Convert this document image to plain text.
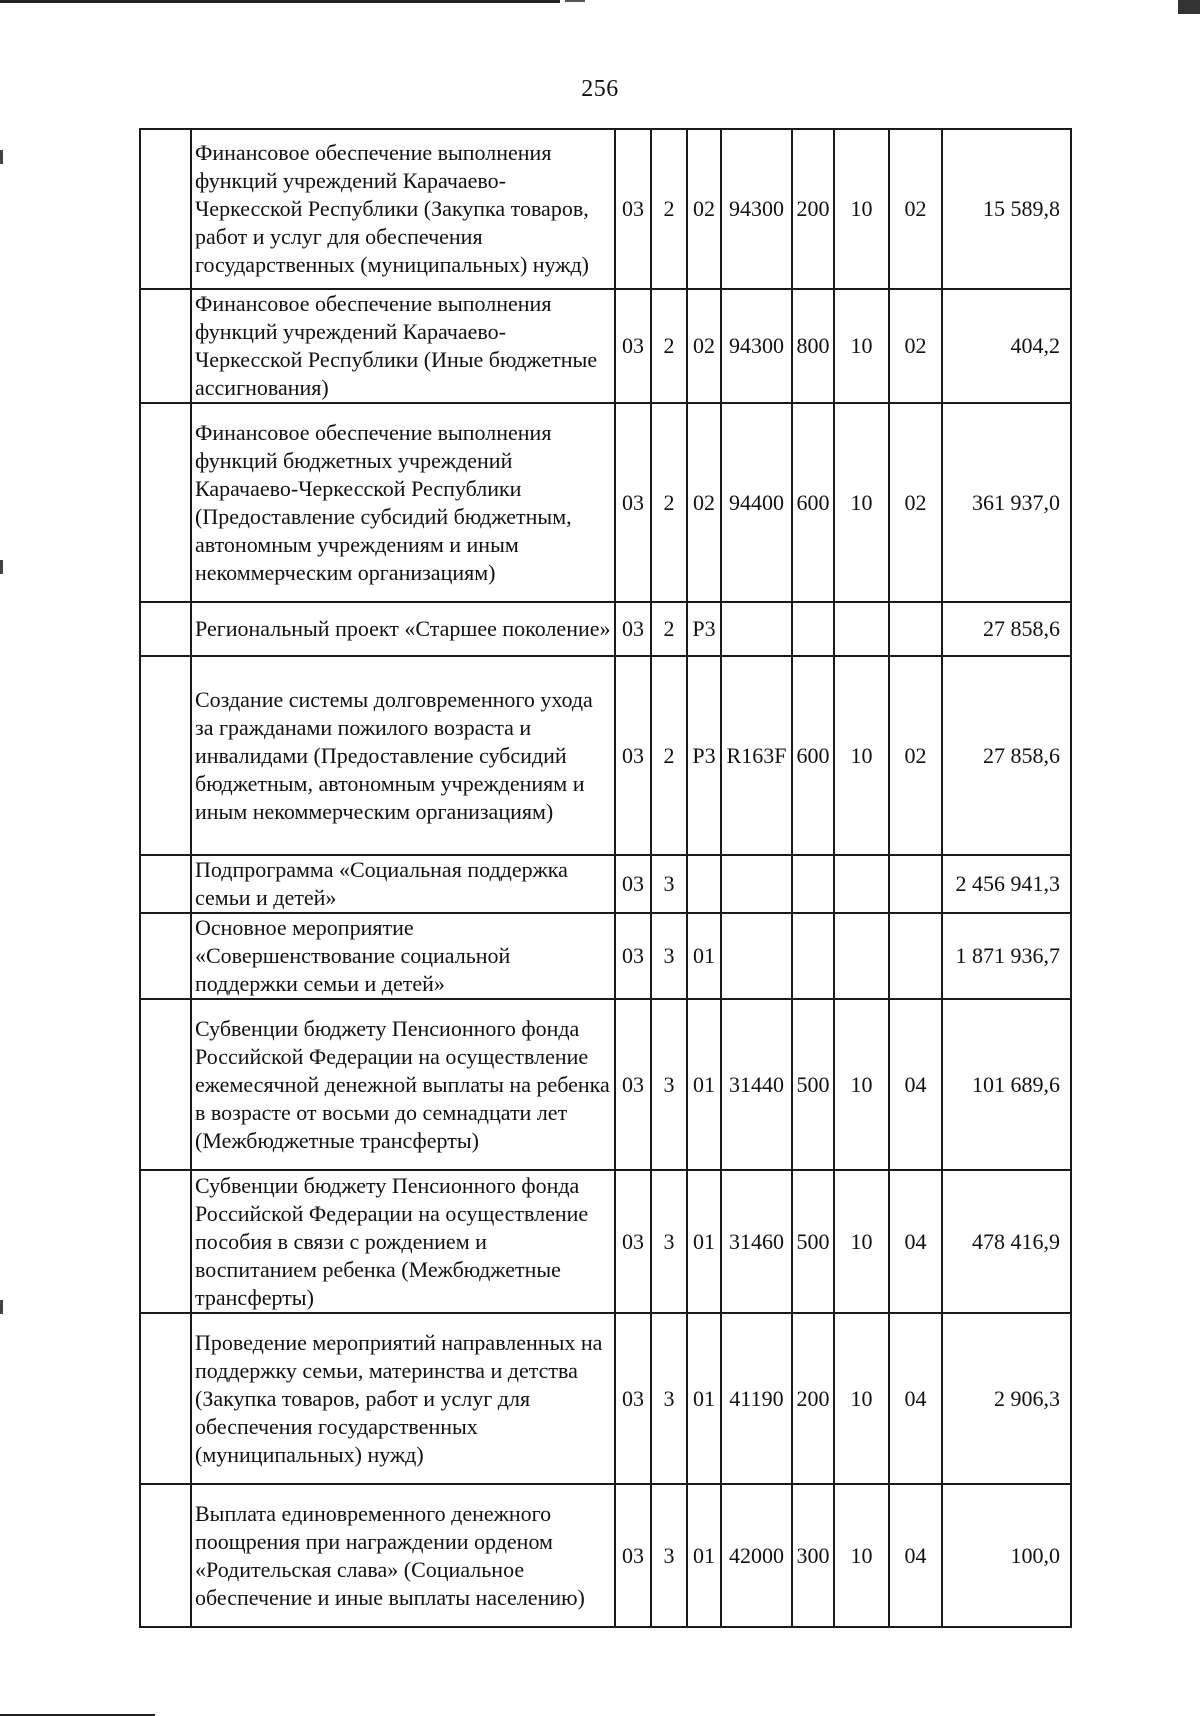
256
	Финансовое обеспечение выполнения функций учреждений Карачаево-Черкесской Республики (Закупка товаров, работ и услуг для обеспечения государственных (муниципальных) нужд)	03	2	02	94300	200	10	02	15 589,8
	Финансовое обеспечение выполнения функций учреждений Карачаево-Черкесской Республики (Иные бюджетные ассигнования)	03	2	02	94300	800	10	02	404,2
	Финансовое обеспечение выполнения функций бюджетных учреждений Карачаево-Черкесской Республики (Предоставление субсидий бюджетным, автономным учреждениям и иным некоммерческим организациям)	03	2	02	94400	600	10	02	361 937,0
	Региональный проект «Старшее поколение»	03	2	P3					27 858,6
	Создание системы долговременного ухода за гражданами пожилого возраста и инвалидами (Предоставление субсидий бюджетным, автономным учреждениям и иным некоммерческим организациям)	03	2	P3	R163F	600	10	02	27 858,6
	Подпрограмма «Социальная поддержка семьи и детей»	03	3						2 456 941,3
	Основное мероприятие «Совершенствование социальной поддержки семьи и детей»	03	3	01					1 871 936,7
	Субвенции бюджету Пенсионного фонда Российской Федерации на осуществление ежемесячной денежной выплаты на ребенка в возрасте от восьми до семнадцати лет (Межбюджетные трансферты)	03	3	01	31440	500	10	04	101 689,6
	Субвенции бюджету Пенсионного фонда Российской Федерации на осуществление пособия в связи с рождением и воспитанием ребенка (Межбюджетные трансферты)	03	3	01	31460	500	10	04	478 416,9
	Проведение мероприятий направленных на поддержку семьи, материнства и детства (Закупка товаров, работ и услуг для обеспечения государственных (муниципальных) нужд)	03	3	01	41190	200	10	04	2 906,3
	Выплата единовременного денежного поощрения при награждении орденом «Родительская слава» (Социальное обеспечение и иные выплаты населению)	03	3	01	42000	300	10	04	100,0
